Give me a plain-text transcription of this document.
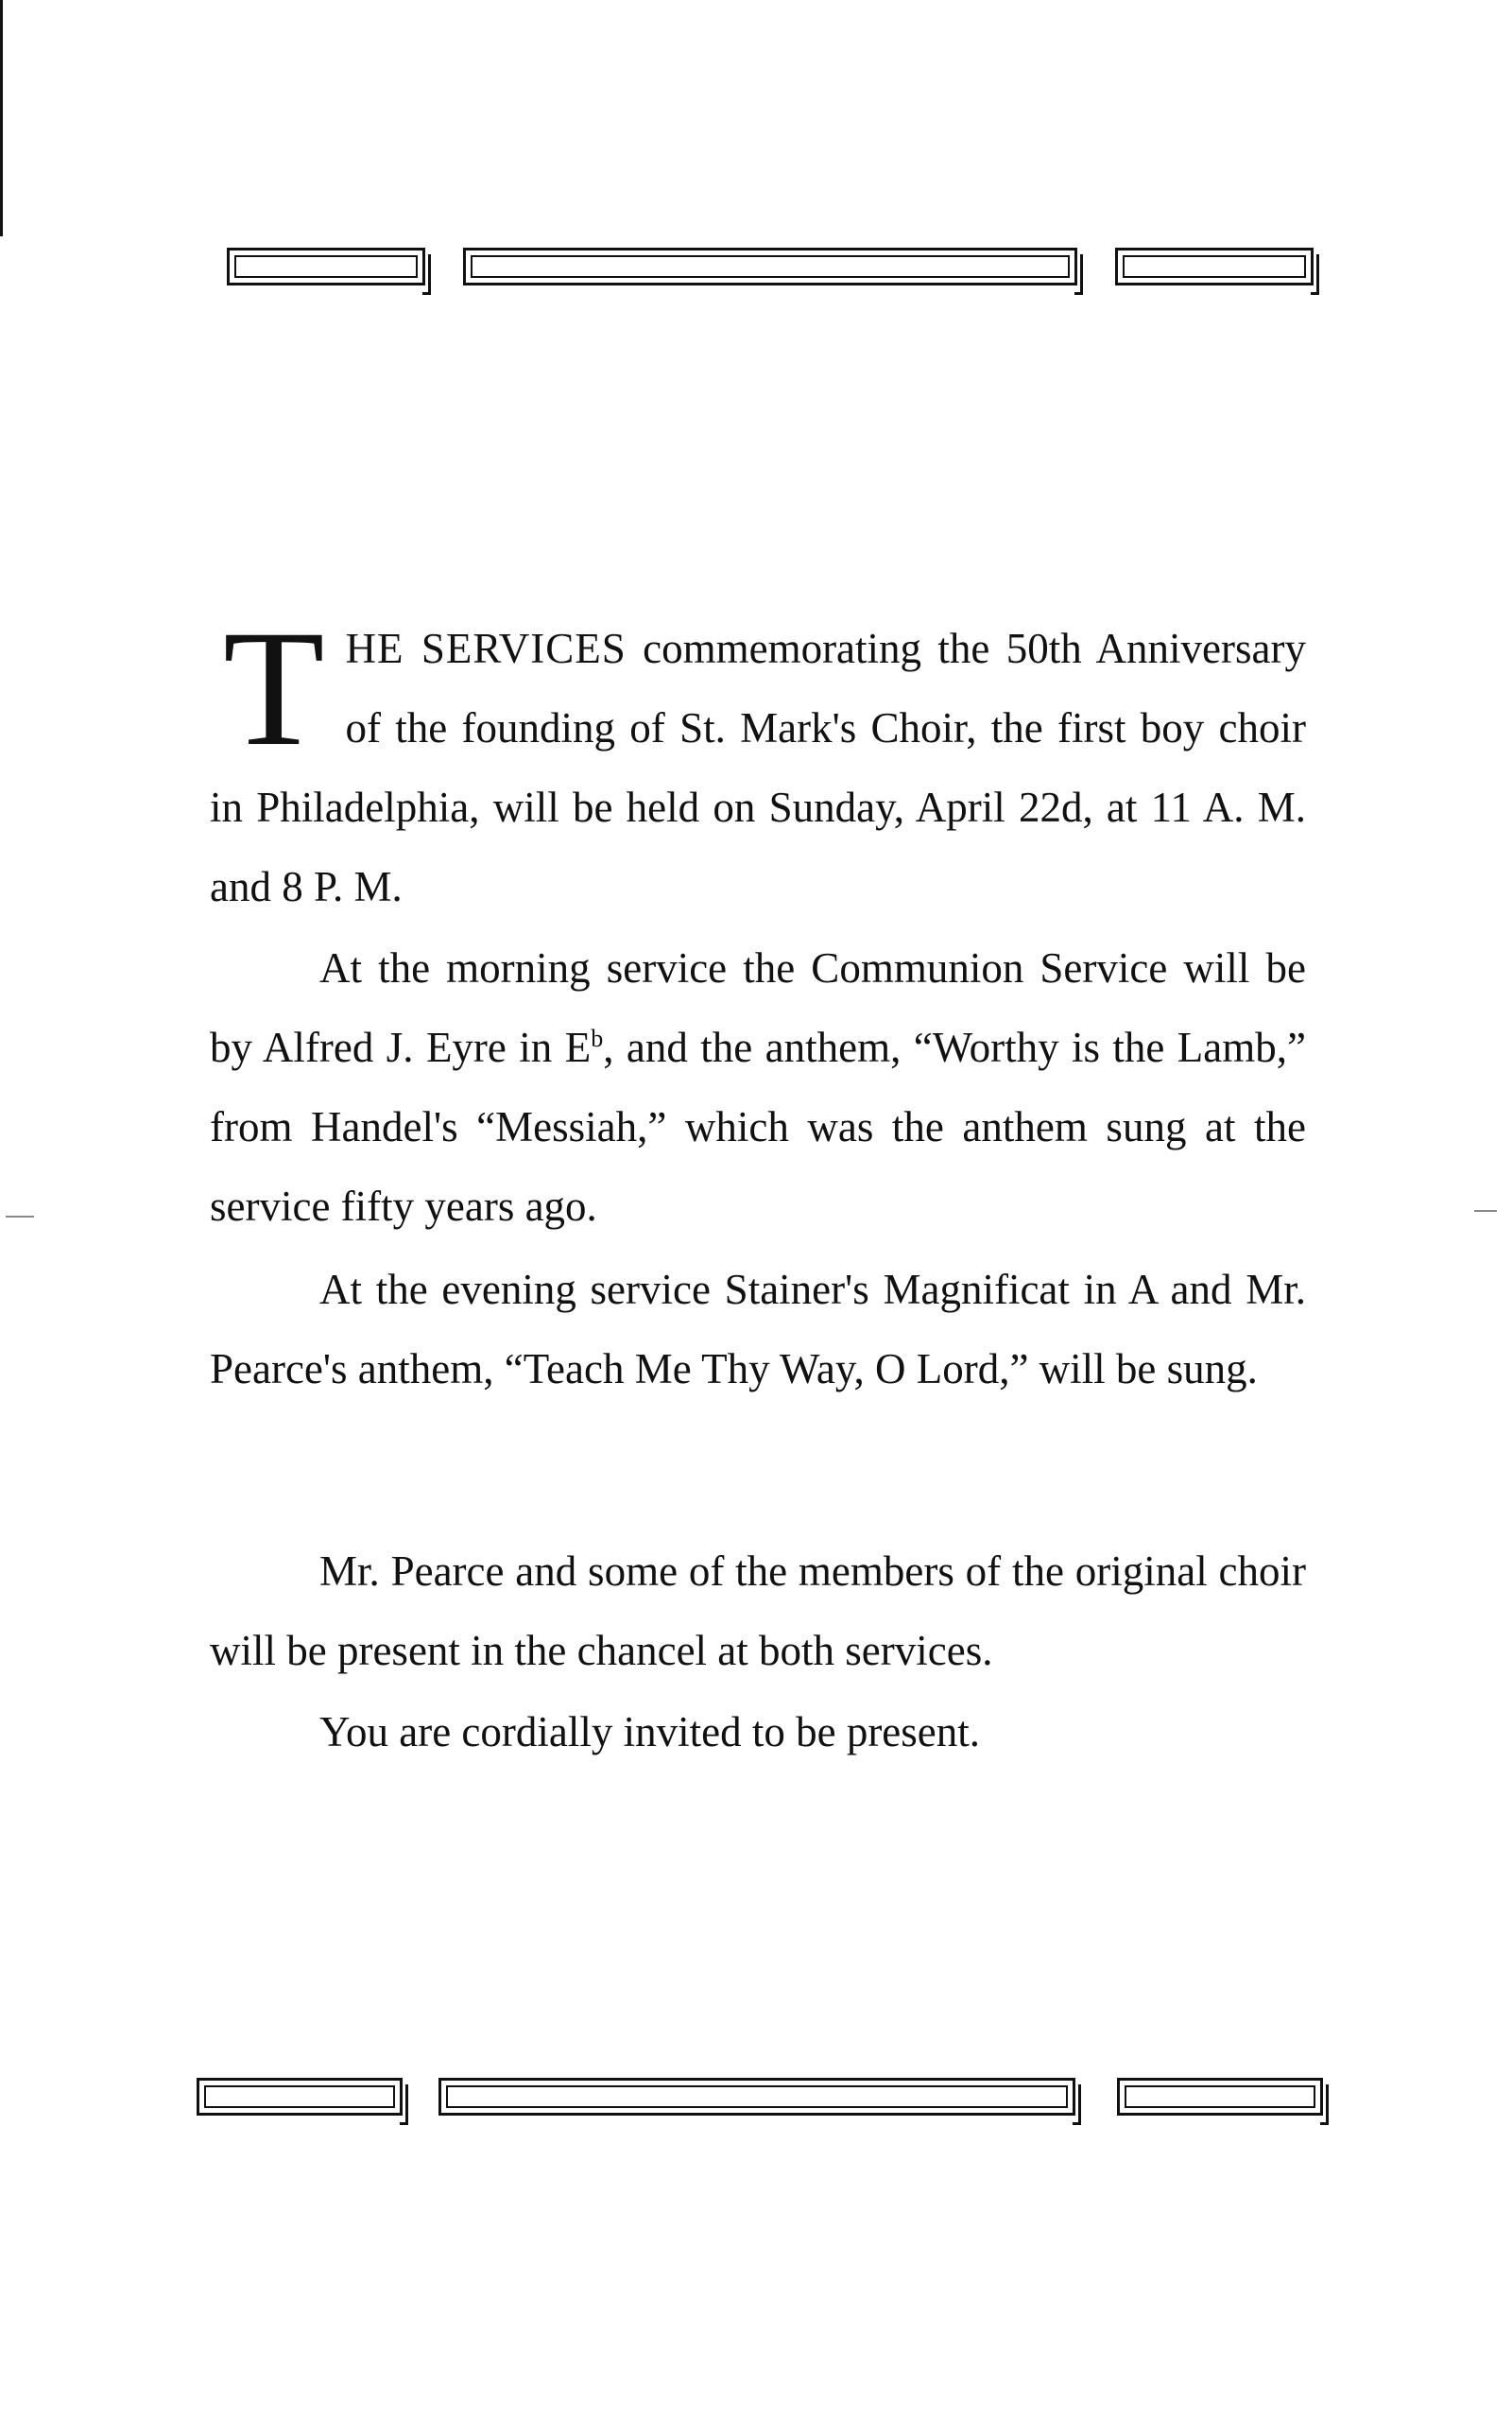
THE SERVICES commemorating the 50th Anniversary of the founding of St. Mark's Choir, the first boy choir in Philadelphia, will be held on Sunday, April 22d, at 11 A. M. and 8 P. M.
At the morning service the Communion Service will be by Alfred J. Eyre in $E^b$, and the anthem, “Worthy is the Lamb,” from Handel's “Messiah,” which was the anthem sung at the service fifty years ago.
At the evening service Stainer's Magnificat in A and Mr. Pearce's anthem, “Teach Me Thy Way, O Lord,” will be sung.
Mr. Pearce and some of the members of the original choir will be present in the chancel at both services.
You are cordially invited to be present.
